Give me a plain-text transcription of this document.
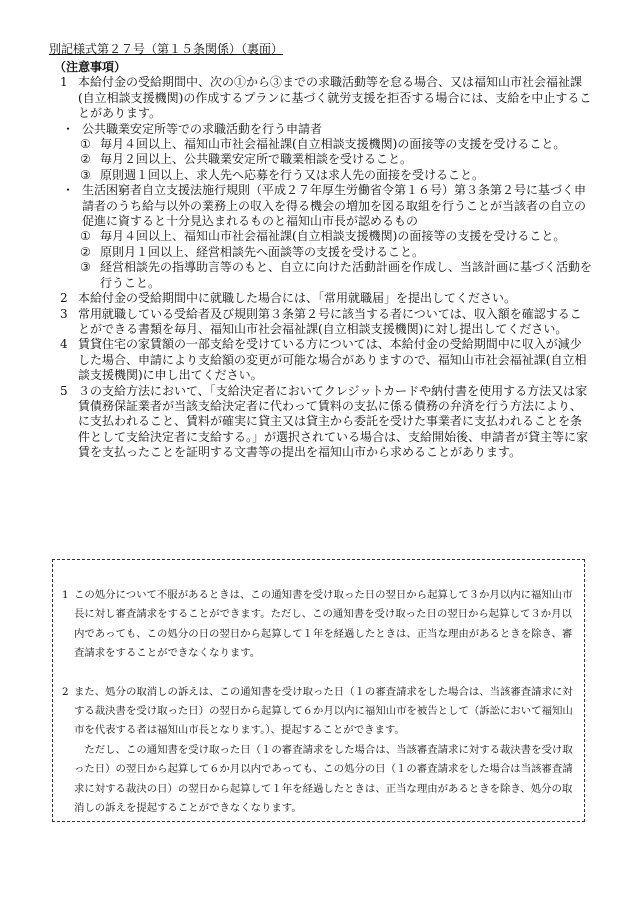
別記様式第２７号（第１５条関係）（裏面）
（注意事項）
1 本給付金の受給期間中、次の①から③までの求職活動等を怠る場合、又は福知山市社会福祉課(自立相談支援機関)の作成するプランに基づく就労支援を拒否する場合には、支給を中止することがあります。
・ 公共職業安定所等での求職活動を行う申請者
① 毎月４回以上、福知山市社会福祉課(自立相談支援機関)の面接等の支援を受けること。
② 毎月２回以上、公共職業安定所で職業相談を受けること。
③ 原則週１回以上、求人先へ応募を行う又は求人先の面接を受けること。
・ 生活困窮者自立支援法施行規則（平成２７年厚生労働省令第１６号）第３条第２号に基づく申請者のうち給与以外の業務上の収入を得る機会の増加を図る取組を行うことが当該者の自立の促進に資すると十分見込まれるものと福知山市長が認めるもの
① 毎月４回以上、福知山市社会福祉課(自立相談支援機関)の面接等の支援を受けること。
② 原則月１回以上、経営相談先へ面談等の支援を受けること。
③ 経営相談先の指導助言等のもと、自立に向けた活動計画を作成し、当該計画に基づく活動を行うこと。
2 本給付金の受給期間中に就職した場合には、「常用就職届」を提出してください。
3 常用就職している受給者及び規則第３条第２号に該当する者については、収入額を確認することができる書類を毎月、福知山市社会福祉課(自立相談支援機関)に対し提出してください。
4 賃貸住宅の家賃額の一部支給を受けている方については、本給付金の受給期間中に収入が減少した場合、申請により支給額の変更が可能な場合がありますので、福知山市社会福祉課(自立相談支援機関)に申し出てください。
5 ３の支給方法において、「支給決定者においてクレジットカードや納付書を使用する方法又は家賃債務保証業者が当該支給決定者に代わって賃料の支払に係る債務の弁済を行う方法により、に支払われること、賃料が確実に貸主又は貸主から委託を受けた事業者に支払われることを条件として支給決定者に支給する。」が選択されている場合は、支給開始後、申請者が貸主等に家賃を支払ったことを証明する文書等の提出を福知山市から求めることがあります。
1 この処分について不服があるときは、この通知書を受け取った日の翌日から起算して３か月以内に福知山市長に対し審査請求をすることができます。ただし、この通知書を受け取った日の翌日から起算して３か月以内であっても、この処分の日の翌日から起算して１年を経過したときは、正当な理由があるときを除き、審査請求をすることができなくなります。
2 また、処分の取消しの訴えは、この通知書を受け取った日（１の審査請求をした場合は、当該審査請求に対する裁決書を受け取った日）の翌日から起算して６か月以内に福知山市を被告として（訴訟において福知山市を代表する者は福知山市長となります。）、提起することができます。
ただし、この通知書を受け取った日（１の審査請求をした場合は、当該審査請求に対する裁決書を受け取った日）の翌日から起算して６か月以内であっても、この処分の日（１の審査請求をした場合は当該審査請求に対する裁決の日）の翌日から起算して１年を経過したときは、正当な理由があるときを除き、処分の取消しの訴えを提起することができなくなります。
